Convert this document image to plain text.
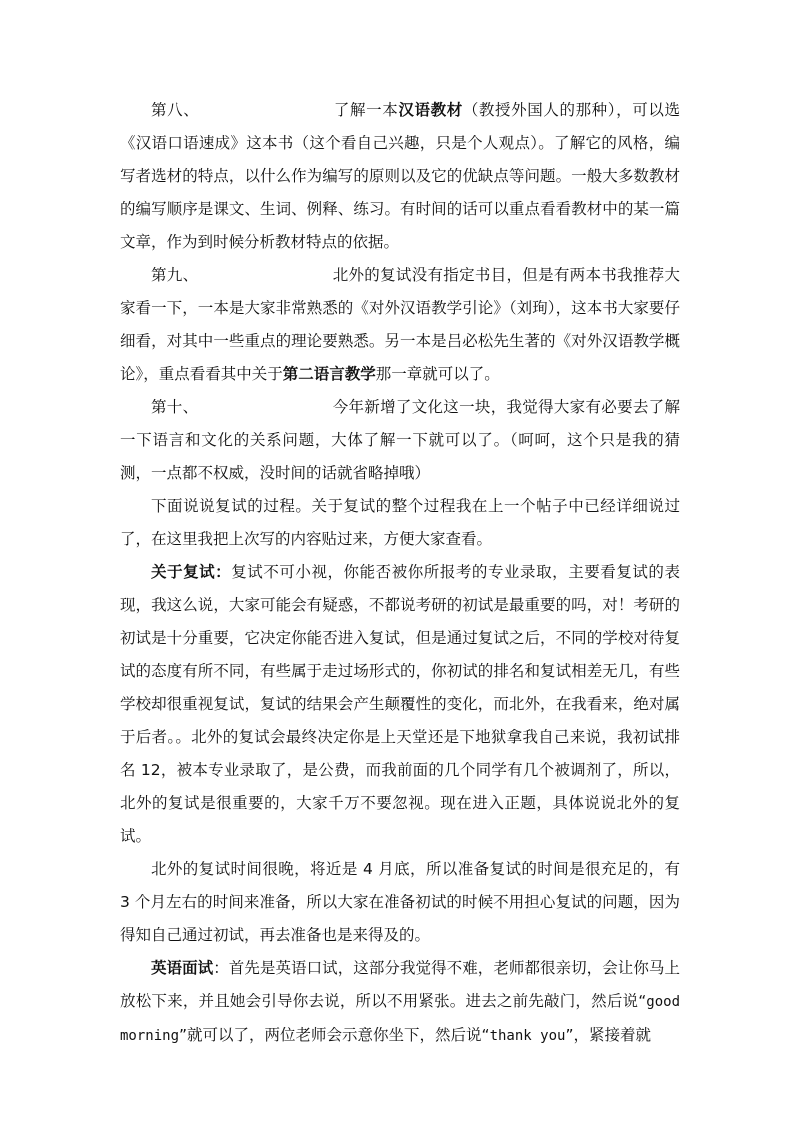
第八、	了解一本汉语教材（教授外国人的那种），可以选《汉语口语速成》这本书（这个看自己兴趣，只是个人观点）。了解它的风格，编写者选材的特点，以什么作为编写的原则以及它的优缺点等问题。一般大多数教材的编写顺序是课文、生词、例释、练习。有时间的话可以重点看看教材中的某一篇文章，作为到时候分析教材特点的依据。

第九、	北外的复试没有指定书目，但是有两本书我推荐大家看一下，一本是大家非常熟悉的《对外汉语教学引论》（刘珣），这本书大家要仔细看，对其中一些重点的理论要熟悉。另一本是吕必松先生著的《对外汉语教学概论》，重点看看其中关于第二语言教学那一章就可以了。

第十、	今年新增了文化这一块，我觉得大家有必要去了解一下语言和文化的关系问题，大体了解一下就可以了。（呵呵，这个只是我的猜测，一点都不权威，没时间的话就省略掉哦）

下面说说复试的过程。关于复试的整个过程我在上一个帖子中已经详细说过了，在这里我把上次写的内容贴过来，方便大家查看。

关于复试：复试不可小视，你能否被你所报考的专业录取，主要看复试的表现，我这么说，大家可能会有疑惑，不都说考研的初试是最重要的吗，对！考研的初试是十分重要，它决定你能否进入复试，但是通过复试之后，不同的学校对待复试的态度有所不同，有些属于走过场形式的，你初试的排名和复试相差无几，有些学校却很重视复试，复试的结果会产生颠覆性的变化，而北外，在我看来，绝对属于后者。。北外的复试会最终决定你是上天堂还是下地狱拿我自己来说，我初试排名 12，被本专业录取了，是公费，而我前面的几个同学有几个被调剂了，所以，北外的复试是很重要的，大家千万不要忽视。现在进入正题，具体说说北外的复试。

北外的复试时间很晚，将近是 4 月底，所以准备复试的时间是很充足的，有 3 个月左右的时间来准备，所以大家在准备初试的时候不用担心复试的问题，因为得知自己通过初试，再去准备也是来得及的。

英语面试：首先是英语口试，这部分我觉得不难，老师都很亲切，会让你马上放松下来，并且她会引导你去说，所以不用紧张。进去之前先敲门，然后说“good morning”就可以了，两位老师会示意你坐下，然后说“thank you”，紧接着就
